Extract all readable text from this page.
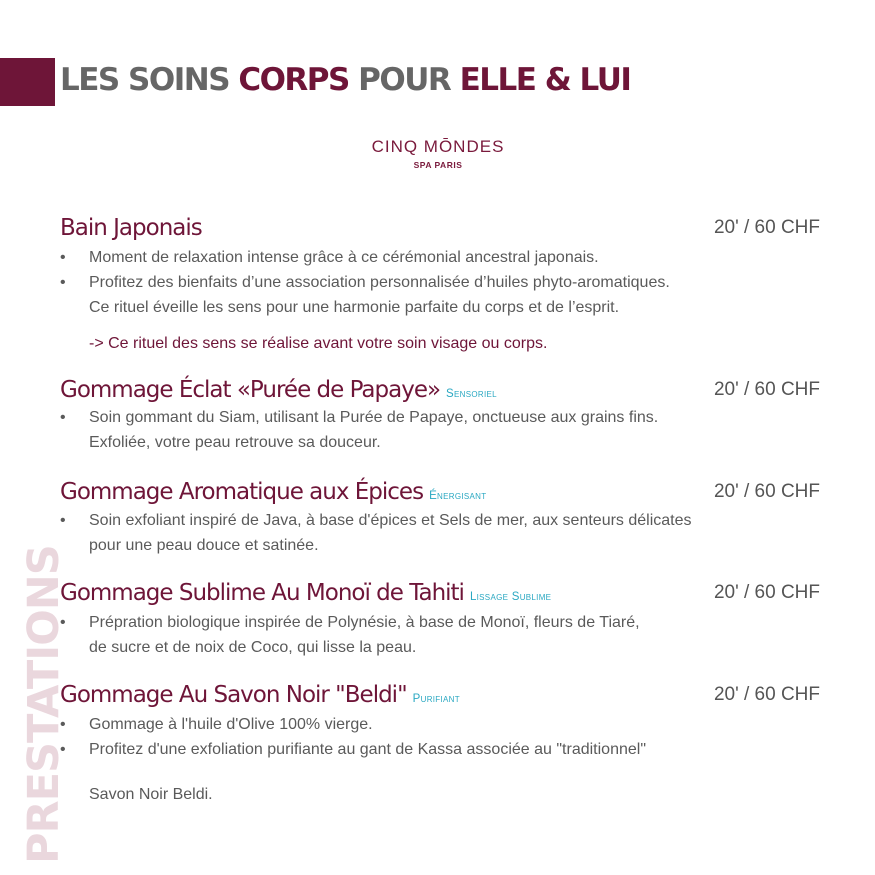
LES SOINS CORPS POUR ELLE & LUI
CINQ MŌNDES
SPA PARIS
PRESTATIONS
Bain Japonais	20' / 60 CHF
• Moment de relaxation intense grâce à ce cérémonial ancestral japonais.
• Profitez des bienfaits d’une association personnalisée d’huiles phyto-aromatiques.
Ce rituel éveille les sens pour une harmonie parfaite du corps et de l’esprit.
-> Ce rituel des sens se réalise avant votre soin visage ou corps.
Gommage Éclat «Purée de Papaye» Sensoriel	20' / 60 CHF
• Soin gommant du Siam, utilisant la Purée de Papaye, onctueuse aux grains fins.
Exfoliée, votre peau retrouve sa douceur.
Gommage Aromatique aux Épices Énergisant	20' / 60 CHF
• Soin exfoliant inspiré de Java, à base d'épices et Sels de mer, aux senteurs délicates
pour une peau douce et satinée.
Gommage Sublime Au Monoï de Tahiti Lissage Sublime	20' / 60 CHF
• Prépration biologique inspirée de Polynésie, à base de Monoï, fleurs de Tiaré,
de sucre et de noix de Coco, qui lisse la peau.
Gommage Au Savon Noir "Beldi" Purifiant	20' / 60 CHF
• Gommage à l'huile d'Olive 100% vierge.
• Profitez d'une exfoliation purifiante au gant de Kassa associée au "traditionnel"
Savon Noir Beldi.
